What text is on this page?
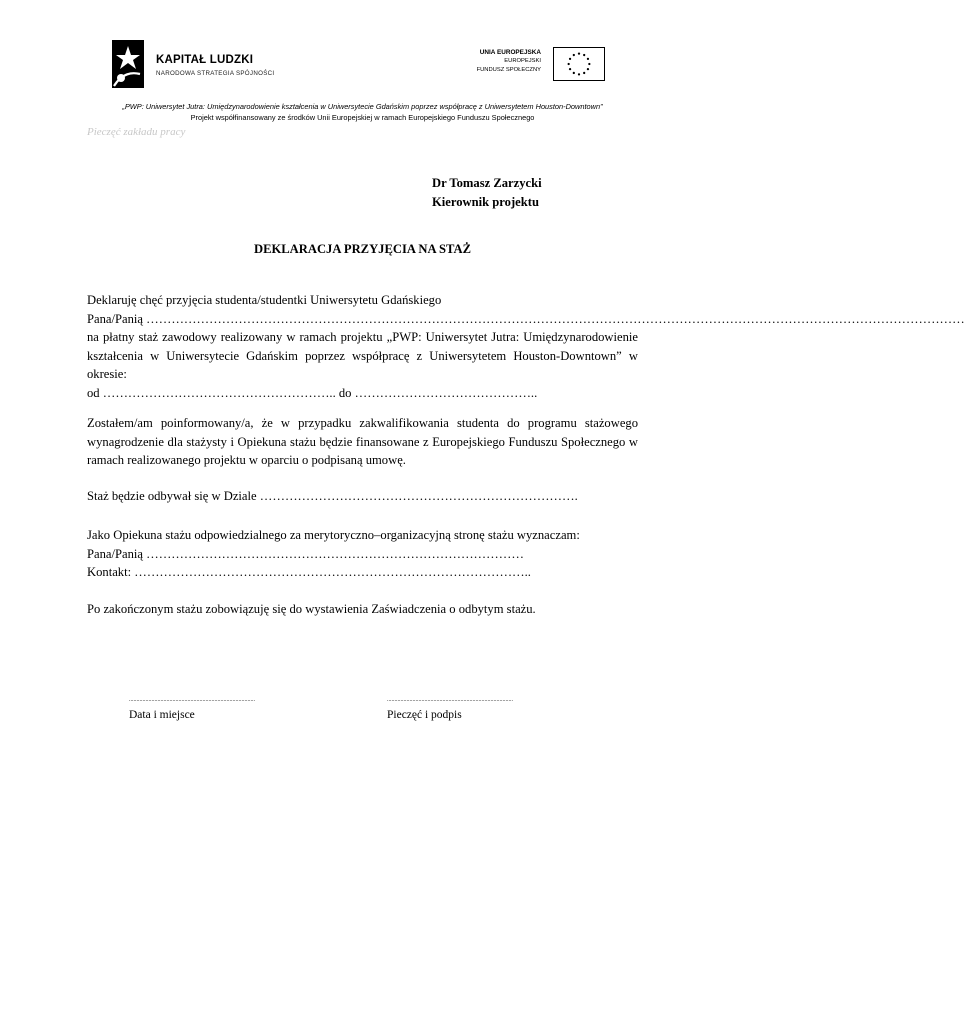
KAPITAŁ LUDZKI
NARODOWA STRATEGIA SPÓJNOŚCI
UNIA EUROPEJSKA
EUROPEJSKI
FUNDUSZ SPOŁECZNY
„PWP: Uniwersytet Jutra: Umiędzynarodowienie kształcenia w Uniwersytecie Gdańskim poprzez współpracę z Uniwersytetem Houston-Downtown”
Projekt współfinansowany ze środków Unii Europejskiej w ramach Europejskiego Funduszu Społecznego
Pieczęć zakładu pracy
Dr Tomasz Zarzycki
Kierownik projektu
DEKLARACJA PRZYJĘCIA NA STAŻ
Deklaruję chęć przyjęcia studenta/studentki Uniwersytetu Gdańskiego
Pana/Panią ……………………………………………………………………………………………………………………………………………………………………………
na płatny staż zawodowy realizowany w ramach projektu „PWP: Uniwersytet Jutra: Umiędzynarodowienie kształcenia w Uniwersytecie Gdańskim poprzez współpracę z Uniwersytetem Houston-Downtown” w okresie:
od ……………………………………………….. do ……………………………………..
Zostałem/am poinformowany/a, że w przypadku zakwalifikowania studenta do programu stażowego wynagrodzenie dla stażysty i Opiekuna stażu będzie finansowane z Europejskiego Funduszu Społecznego w ramach realizowanego projektu w oparciu o podpisaną umowę.
Staż będzie odbywał się w Dziale ………………………………………………………………….
Jako Opiekuna stażu odpowiedzialnego za merytoryczno–organizacyjną stronę stażu wyznaczam:
Pana/Panią ………………………………………………………………………………
Kontakt: …………………………………………………………………………………..
Po zakończonym stażu zobowiązuję się do wystawienia Zaświadczenia o odbytym stażu.
....................................................................................
Data i miejsce
....................................................................................
Pieczęć i podpis
